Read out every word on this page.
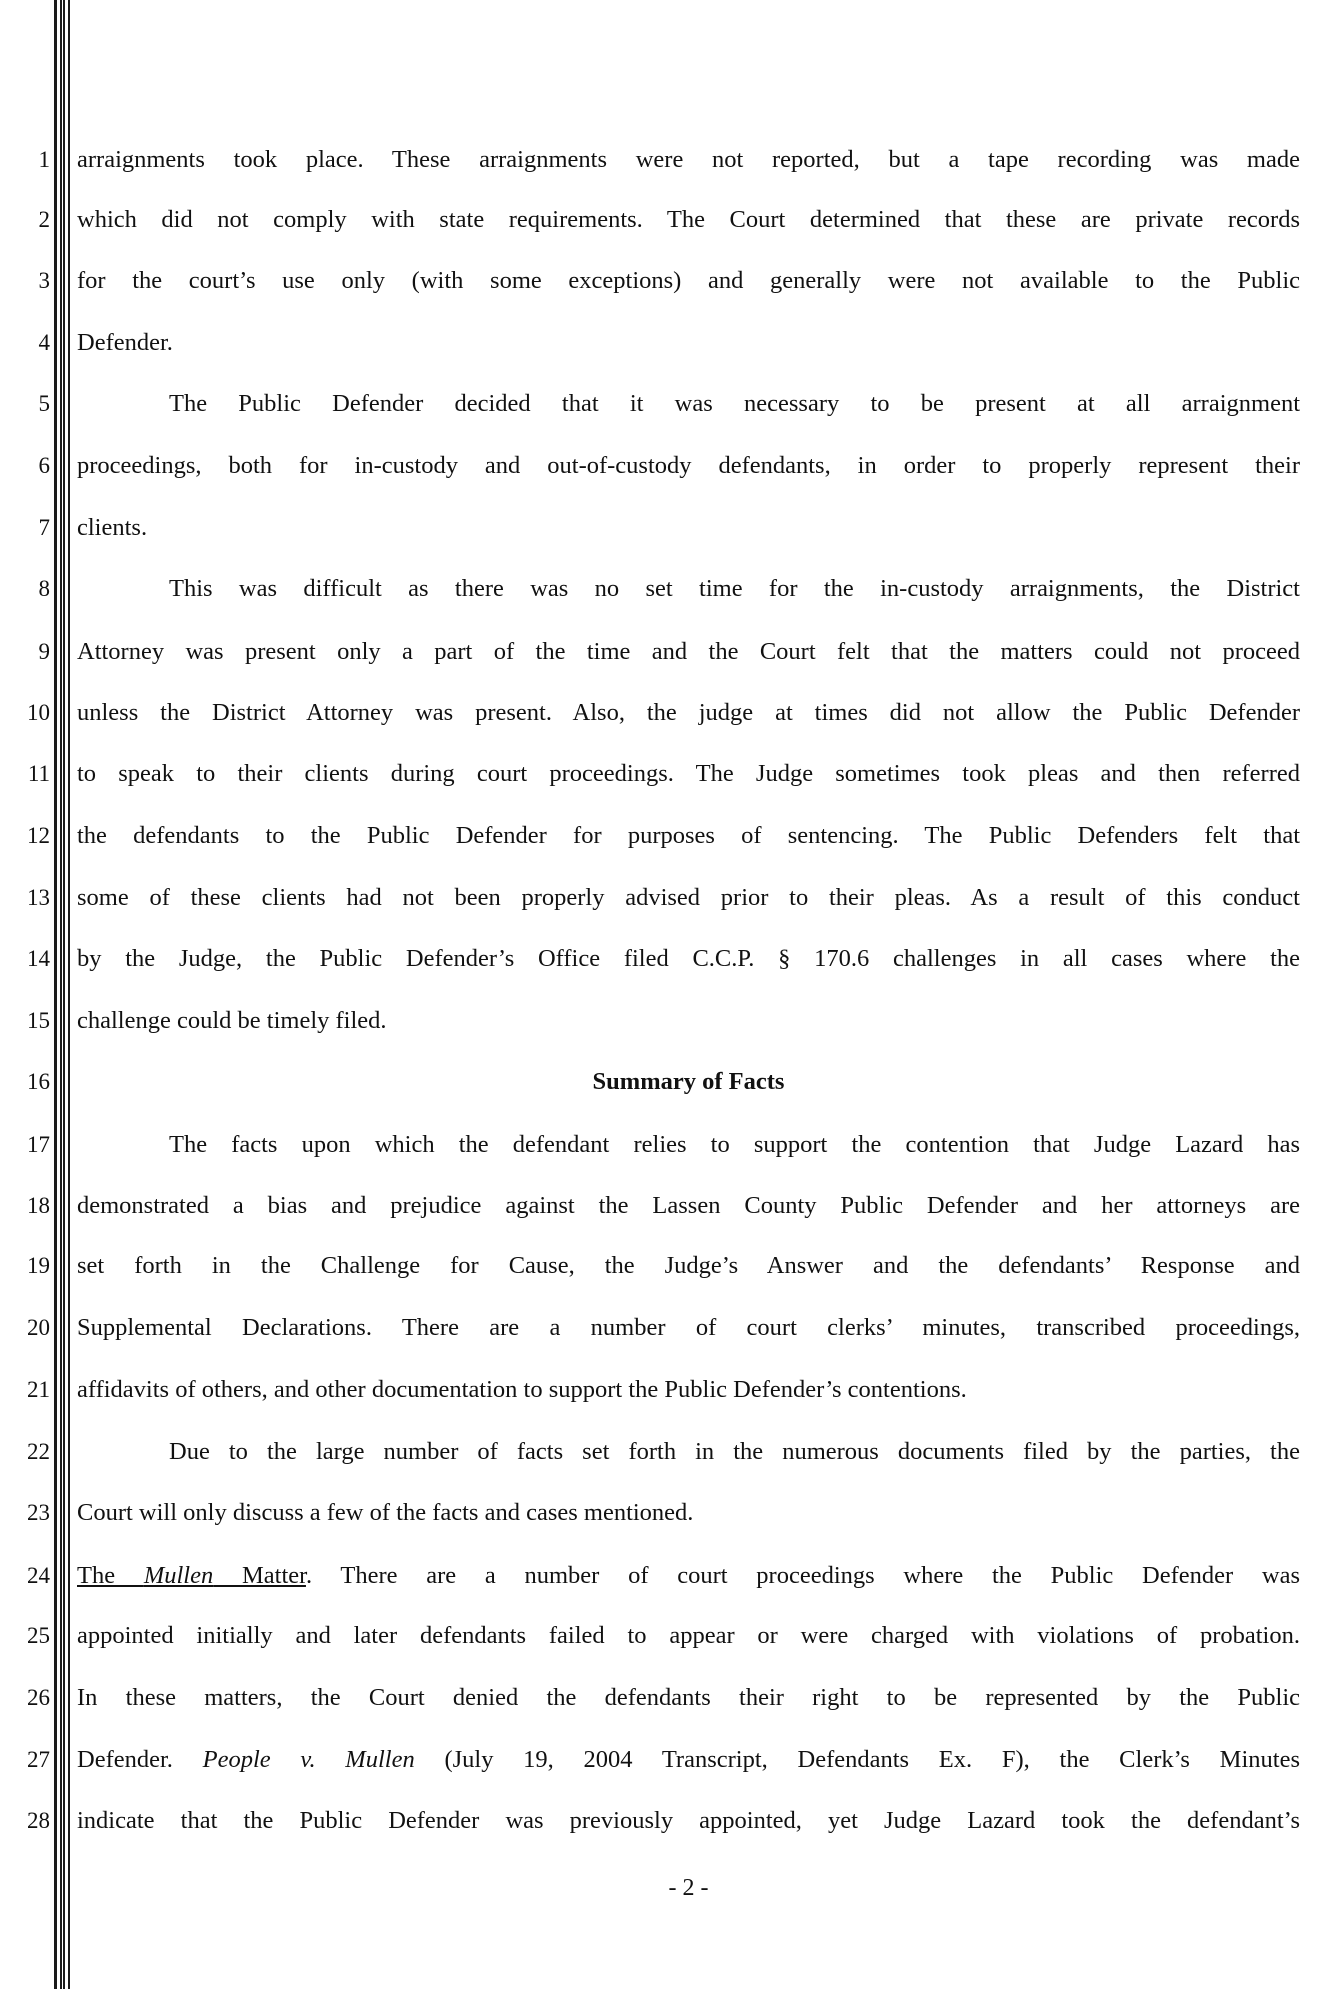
1
2
3
4
5
6
7
8
9
10
11
12
13
14
15
16
17
18
19
20
21
22
23
24
25
26
27
28
arraignments took place. These arraignments were not reported, but a tape recording was made
which did not comply with state requirements. The Court determined that these are private records
for the court’s use only (with some exceptions) and generally were not available to the Public
Defender.
The Public Defender decided that it was necessary to be present at all arraignment
proceedings, both for in-custody and out-of-custody defendants, in order to properly represent their
clients.
This was difficult as there was no set time for the in-custody arraignments, the District
Attorney was present only a part of the time and the Court felt that the matters could not proceed
unless the District Attorney was present. Also, the judge at times did not allow the Public Defender
to speak to their clients during court proceedings. The Judge sometimes took pleas and then referred
the defendants to the Public Defender for purposes of sentencing. The Public Defenders felt that
some of these clients had not been properly advised prior to their pleas. As a result of this conduct
by the Judge, the Public Defender’s Office filed C.C.P. § 170.6 challenges in all cases where the
challenge could be timely filed.
Summary of Facts
The facts upon which the defendant relies to support the contention that Judge Lazard has
demonstrated a bias and prejudice against the Lassen County Public Defender and her attorneys are
set forth in the Challenge for Cause, the Judge’s Answer and the defendants’ Response and
Supplemental Declarations. There are a number of court clerks’ minutes, transcribed proceedings,
affidavits of others, and other documentation to support the Public Defender’s contentions.
Due to the large number of facts set forth in the numerous documents filed by the parties, the
Court will only discuss a few of the facts and cases mentioned.
The Mullen Matter. There are a number of court proceedings where the Public Defender was
appointed initially and later defendants failed to appear or were charged with violations of probation.
In these matters, the Court denied the defendants their right to be represented by the Public
Defender. People v. Mullen (July 19, 2004 Transcript, Defendants Ex. F), the Clerk’s Minutes
indicate that the Public Defender was previously appointed, yet Judge Lazard took the defendant’s
- 2 -
